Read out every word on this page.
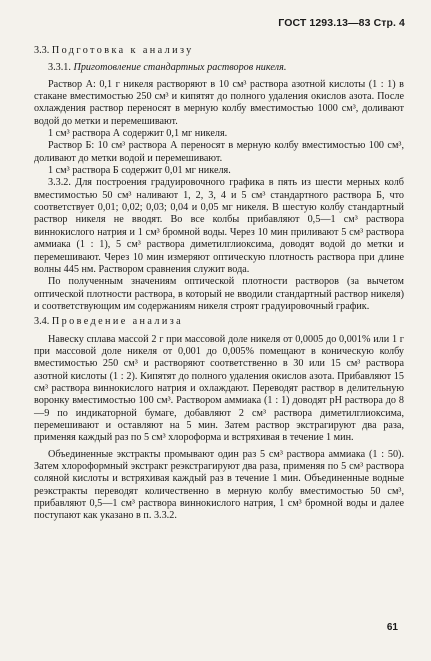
ГОСТ 1293.13—83 Стр. 4

3.3. Подготовка к анализу

3.3.1. Приготовление стандартных растворов никеля.

Раствор А: 0,1 г никеля растворяют в 10 см³ раствора азотной кислоты (1 : 1) в стакане вместимостью 250 см³ и кипятят до полного удаления окислов азота. После охлаждения раствор переносят в мерную колбу вместимостью 1000 см³, доливают водой до метки и перемешивают.

1 см³ раствора А содержит 0,1 мг никеля.

Раствор Б: 10 см³ раствора А переносят в мерную колбу вместимостью 100 см³, доливают до метки водой и перемешивают.

1 см³ раствора Б содержит 0,01 мг никеля.

3.3.2. Для построения градуировочного графика в пять из шести мерных колб вместимостью 50 см³ наливают 1, 2, 3, 4 и 5 см³ стандартного раствора Б, что соответствует 0,01; 0,02; 0,03; 0,04 и 0,05 мг никеля. В шестую колбу стандартный раствор никеля не вводят. Во все колбы прибавляют 0,5—1 см³ раствора виннокислого натрия и 1 см³ бромной воды. Через 10 мин приливают 5 см³ раствора аммиака (1 : 1), 5 см³ раствора диметилглиоксима, доводят водой до метки и перемешивают. Через 10 мин измеряют оптическую плотность раствора при длине волны 445 нм. Раствором сравнения служит вода.

По полученным значениям оптической плотности растворов (за вычетом оптической плотности раствора, в который не вводили стандартный раствор никеля) и соответствующим им содержаниям никеля строят градуировочный график.

3.4. Проведение анализа

Навеску сплава массой 2 г при массовой доле никеля от 0,0005 до 0,001% или 1 г при массовой доле никеля от 0,001 до 0,005% помещают в коническую колбу вместимостью 250 см³ и растворяют соответственно в 30 или 15 см³ раствора азотной кислоты (1 : 2). Кипятят до полного удаления окислов азота. Прибавляют 15 см³ раствора виннокислого натрия и охлаждают. Переводят раствор в делительную воронку вместимостью 100 см³. Раствором аммиака (1 : 1) доводят pH раствора до 8—9 по индикаторной бумаге, добавляют 2 см³ раствора диметилглиоксима, перемешивают и оставляют на 5 мин. Затем раствор экстрагируют два раза, применяя каждый раз по 5 см³ хлороформа и встряхивая в течение 1 мин.

Объединенные экстракты промывают один раз 5 см³ раствора аммиака (1 : 50). Затем хлороформный экстракт реэкстрагируют два раза, применяя по 5 см³ раствора соляной кислоты и встряхивая каждый раз в течение 1 мин. Объединенные водные реэкстракты переводят количественно в мерную колбу вместимостью 50 см³, прибавляют 0,5—1 см³ раствора виннокислого натрия, 1 см³ бромной воды и далее поступают как указано в п. 3.3.2.

61
